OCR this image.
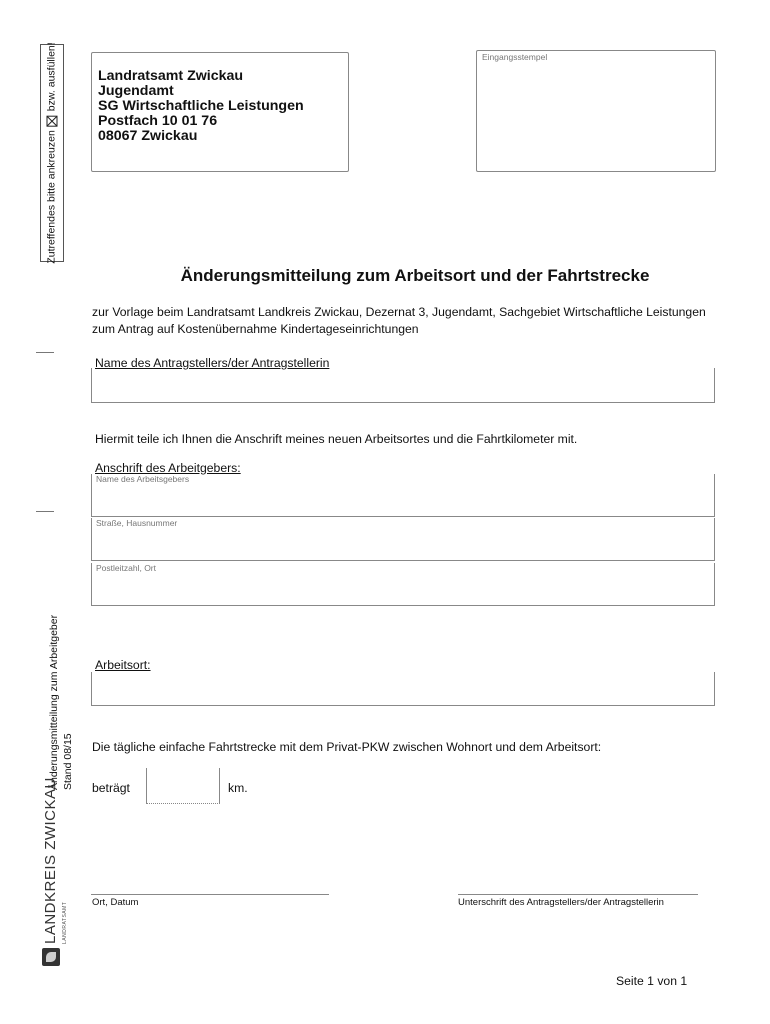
Zutreffendes bitte ankreuzen
bzw. ausfüllen!
Änderungsmitteilung zum Arbeitgeber Stand 08/15
LANDKREIS ZWICKAU LANDRATSAMT
Landratsamt Zwickau
Jugendamt
SG Wirtschaftliche Leistungen
Postfach 10 01 76
08067 Zwickau
Eingangsstempel
Änderungsmitteilung zum Arbeitsort und der Fahrtstrecke
zur Vorlage beim Landratsamt Landkreis Zwickau, Dezernat 3, Jugendamt, Sachgebiet Wirtschaftliche Leistungen zum Antrag auf Kostenübernahme Kindertageseinrichtungen
Name des Antragstellers/der Antragstellerin
Hiermit teile ich Ihnen die Anschrift meines neuen Arbeitsortes und die Fahrtkilometer mit.
Anschrift des Arbeitgebers:
Name des Arbeitsgebers
Straße, Hausnummer
Postleitzahl, Ort
Arbeitsort:
Die tägliche einfache Fahrtstrecke mit dem Privat-PKW zwischen Wohnort und dem Arbeitsort:
beträgt	km.
Ort, Datum	Unterschrift des Antragstellers/der Antragstellerin
Seite 1 von 1
